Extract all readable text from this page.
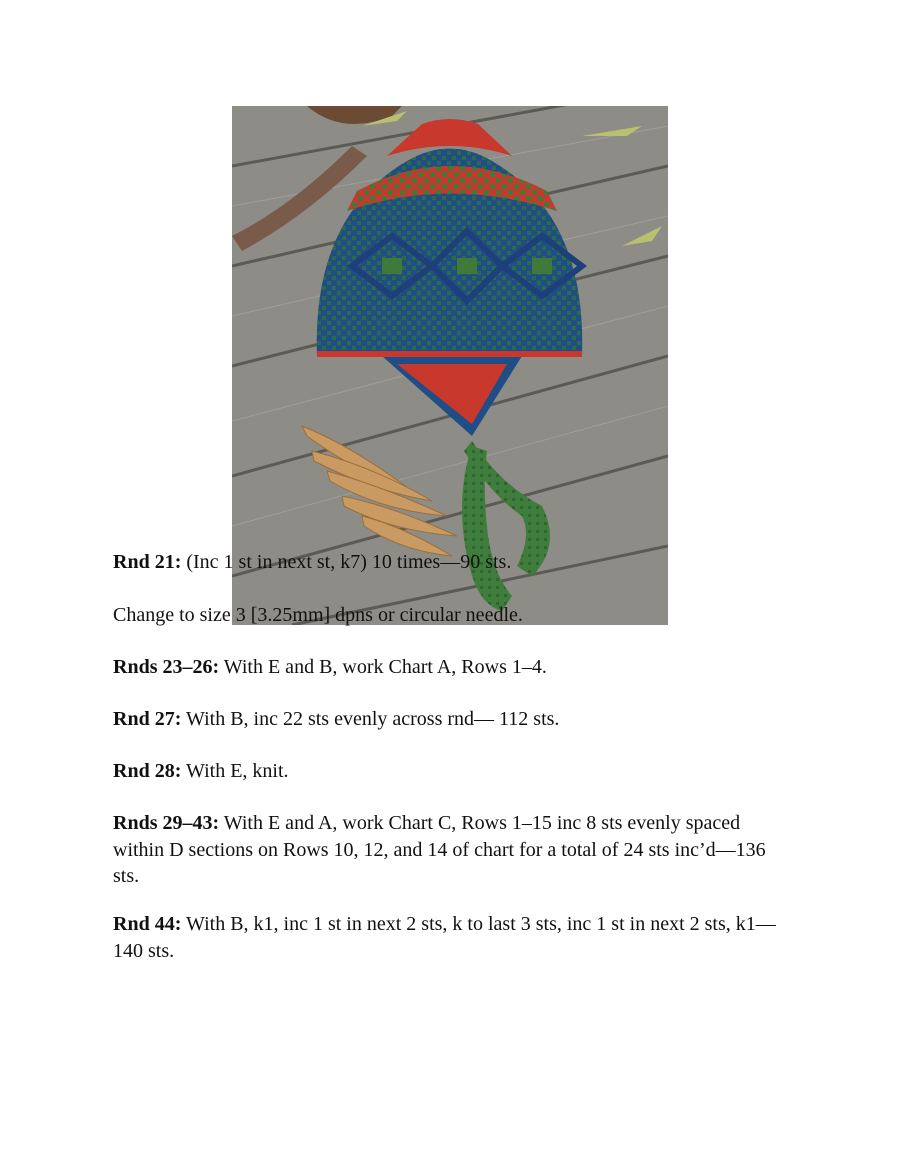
Rnd 21: (Inc 1 st in next st, k7) 10 times—90 sts.

Change to size 3 [3.25mm] dpns or circular needle.

Rnds 23–26: With E and B, work Chart A, Rows 1–4.

Rnd 27: With B, inc 22 sts evenly across rnd— 112 sts.

Rnd 28: With E, knit.

Rnds 29–43: With E and A, work Chart C, Rows 1–15 inc 8 sts evenly spaced within D sections on Rows 10, 12, and 14 of chart for a total of 24 sts inc’d—136 sts.

Rnd 44: With B, k1, inc 1 st in next 2 sts, k to last 3 sts, inc 1 st in next 2 sts, k1—140 sts.
